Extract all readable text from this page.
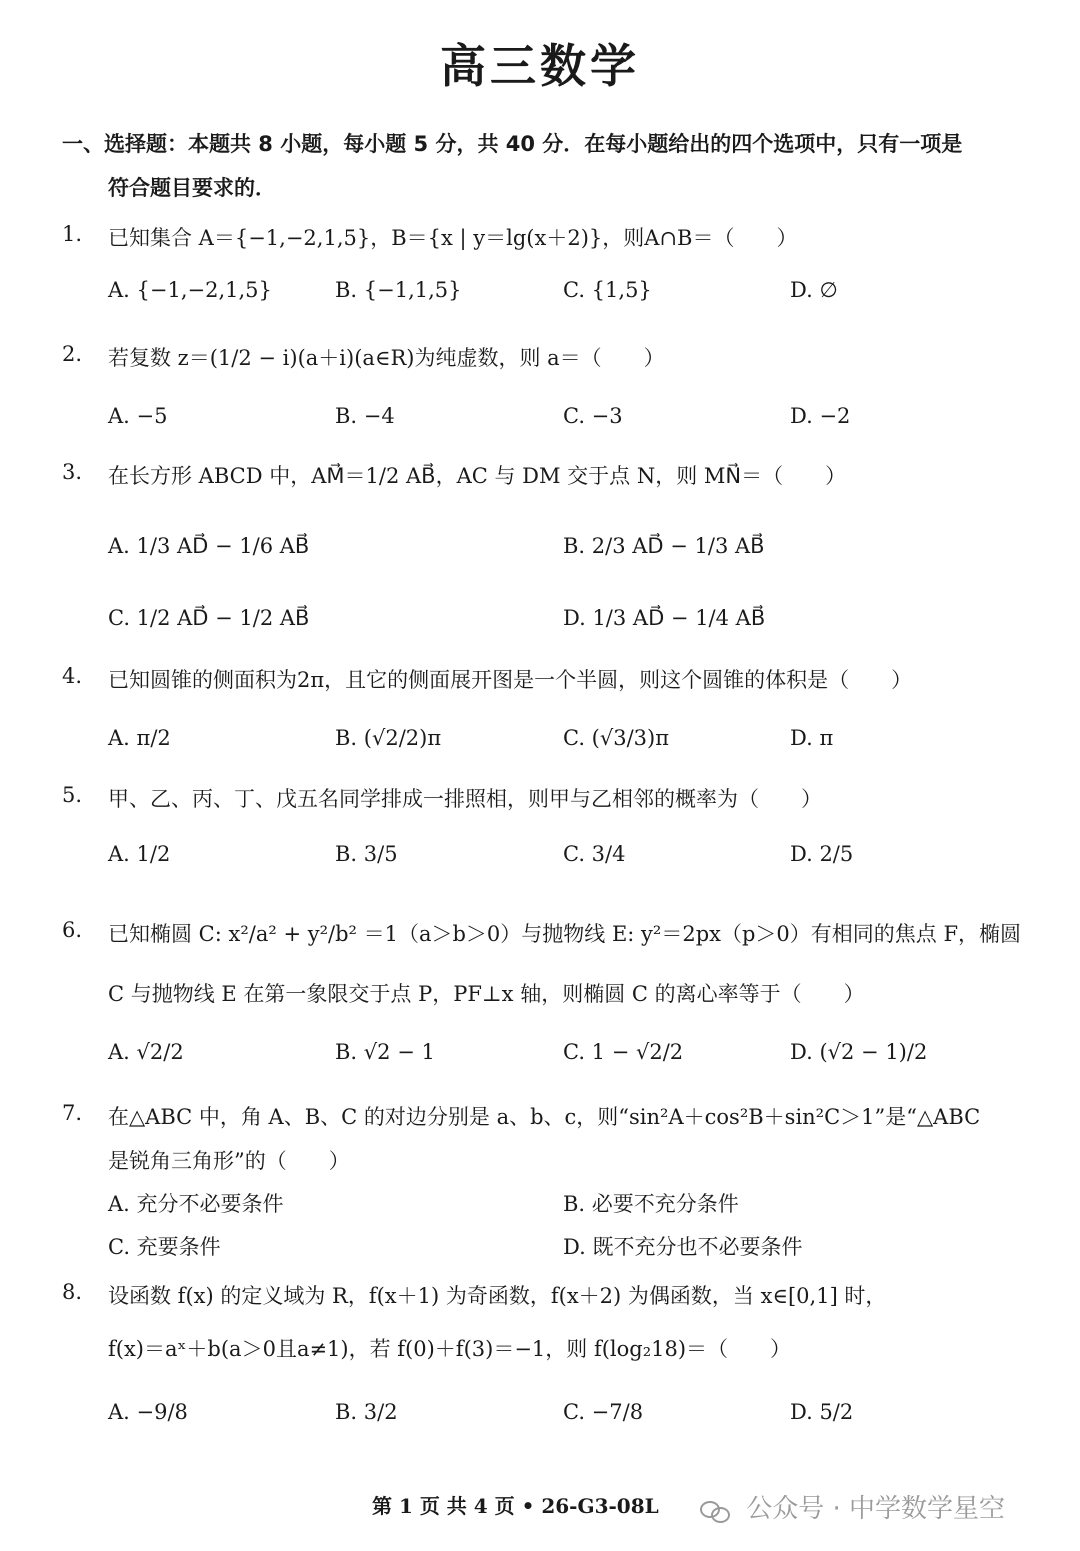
高三数学
一、选择题：本题共 8 小题，每小题 5 分，共 40 分．在每小题给出的四个选项中，只有一项是
符合题目要求的．
1. 已知集合 A＝{−1,−2,1,5}，B＝{x | y＝lg(x＋2)}，则A∩B＝（　　）
A. {−1,−2,1,5}	B. {−1,1,5}	C. {1,5}	D. ∅
2. 若复数 z＝(1/2 − i)(a＋i)(a∈R)为纯虚数，则 a＝（　　）
A. −5	B. −4	C. −3	D. −2
3. 在长方形 ABCD 中，AM⃗＝1/2 AB⃗，AC 与 DM 交于点 N，则 MN⃗＝（　　）
A. 1/3 AD⃗ − 1/6 AB⃗	B. 2/3 AD⃗ − 1/3 AB⃗
C. 1/2 AD⃗ − 1/2 AB⃗	D. 1/3 AD⃗ − 1/4 AB⃗
4. 已知圆锥的侧面积为2π，且它的侧面展开图是一个半圆，则这个圆锥的体积是（　　）
A. π/2	B. (√2/2)π	C. (√3/3)π	D. π
5. 甲、乙、丙、丁、戊五名同学排成一排照相，则甲与乙相邻的概率为（　　）
A. 1/2	B. 3/5	C. 3/4	D. 2/5
6. 已知椭圆 C: x²/a² + y²/b² ＝1（a＞b＞0）与抛物线 E: y²＝2px（p＞0）有相同的焦点 F，椭圆
C 与抛物线 E 在第一象限交于点 P，PF⊥x 轴，则椭圆 C 的离心率等于（　　）
A. √2/2	B. √2 − 1	C. 1 − √2/2	D. (√2 − 1)/2
7. 在△ABC 中，角 A、B、C 的对边分别是 a、b、c，则“sin²A＋cos²B＋sin²C＞1”是“△ABC
是锐角三角形”的（　　）
A. 充分不必要条件	B. 必要不充分条件
C. 充要条件	D. 既不充分也不必要条件
8. 设函数 f(x) 的定义域为 R，f(x＋1) 为奇函数，f(x＋2) 为偶函数，当 x∈[0,1] 时，
f(x)＝aˣ＋b(a＞0且a≠1)，若 f(0)＋f(3)＝−1，则 f(log₂18)＝（　　）
A. −9/8	B. 3/2	C. −7/8	D. 5/2
第 1 页 共 4 页 • 26-G3-08L	公众号 · 中学数学星空
